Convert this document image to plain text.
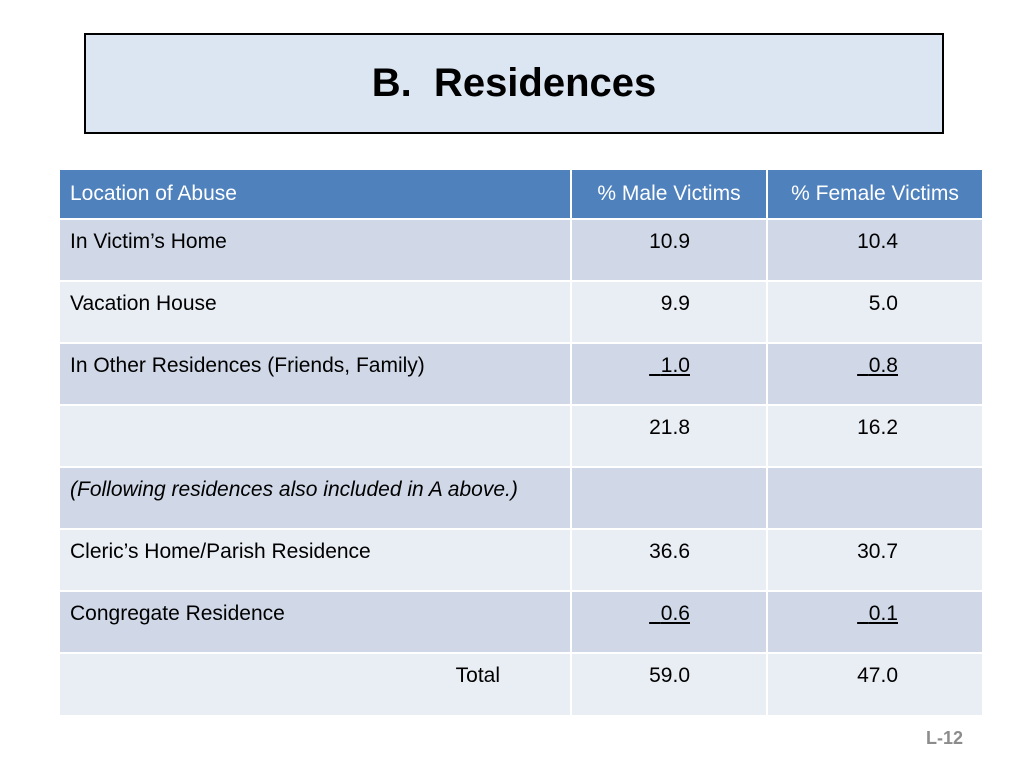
B.  Residences
Location of Abuse	% Male Victims	% Female Victims
In Victim’s Home	10.9	10.4
Vacation House	9.9	5.0
In Other Residences (Friends, Family)	1.0	0.8
	21.8	16.2
(Following residences also included in A above.)		
Cleric’s Home/Parish Residence	36.6	30.7
Congregate Residence	0.6	0.1
Total	59.0	47.0
L-12
